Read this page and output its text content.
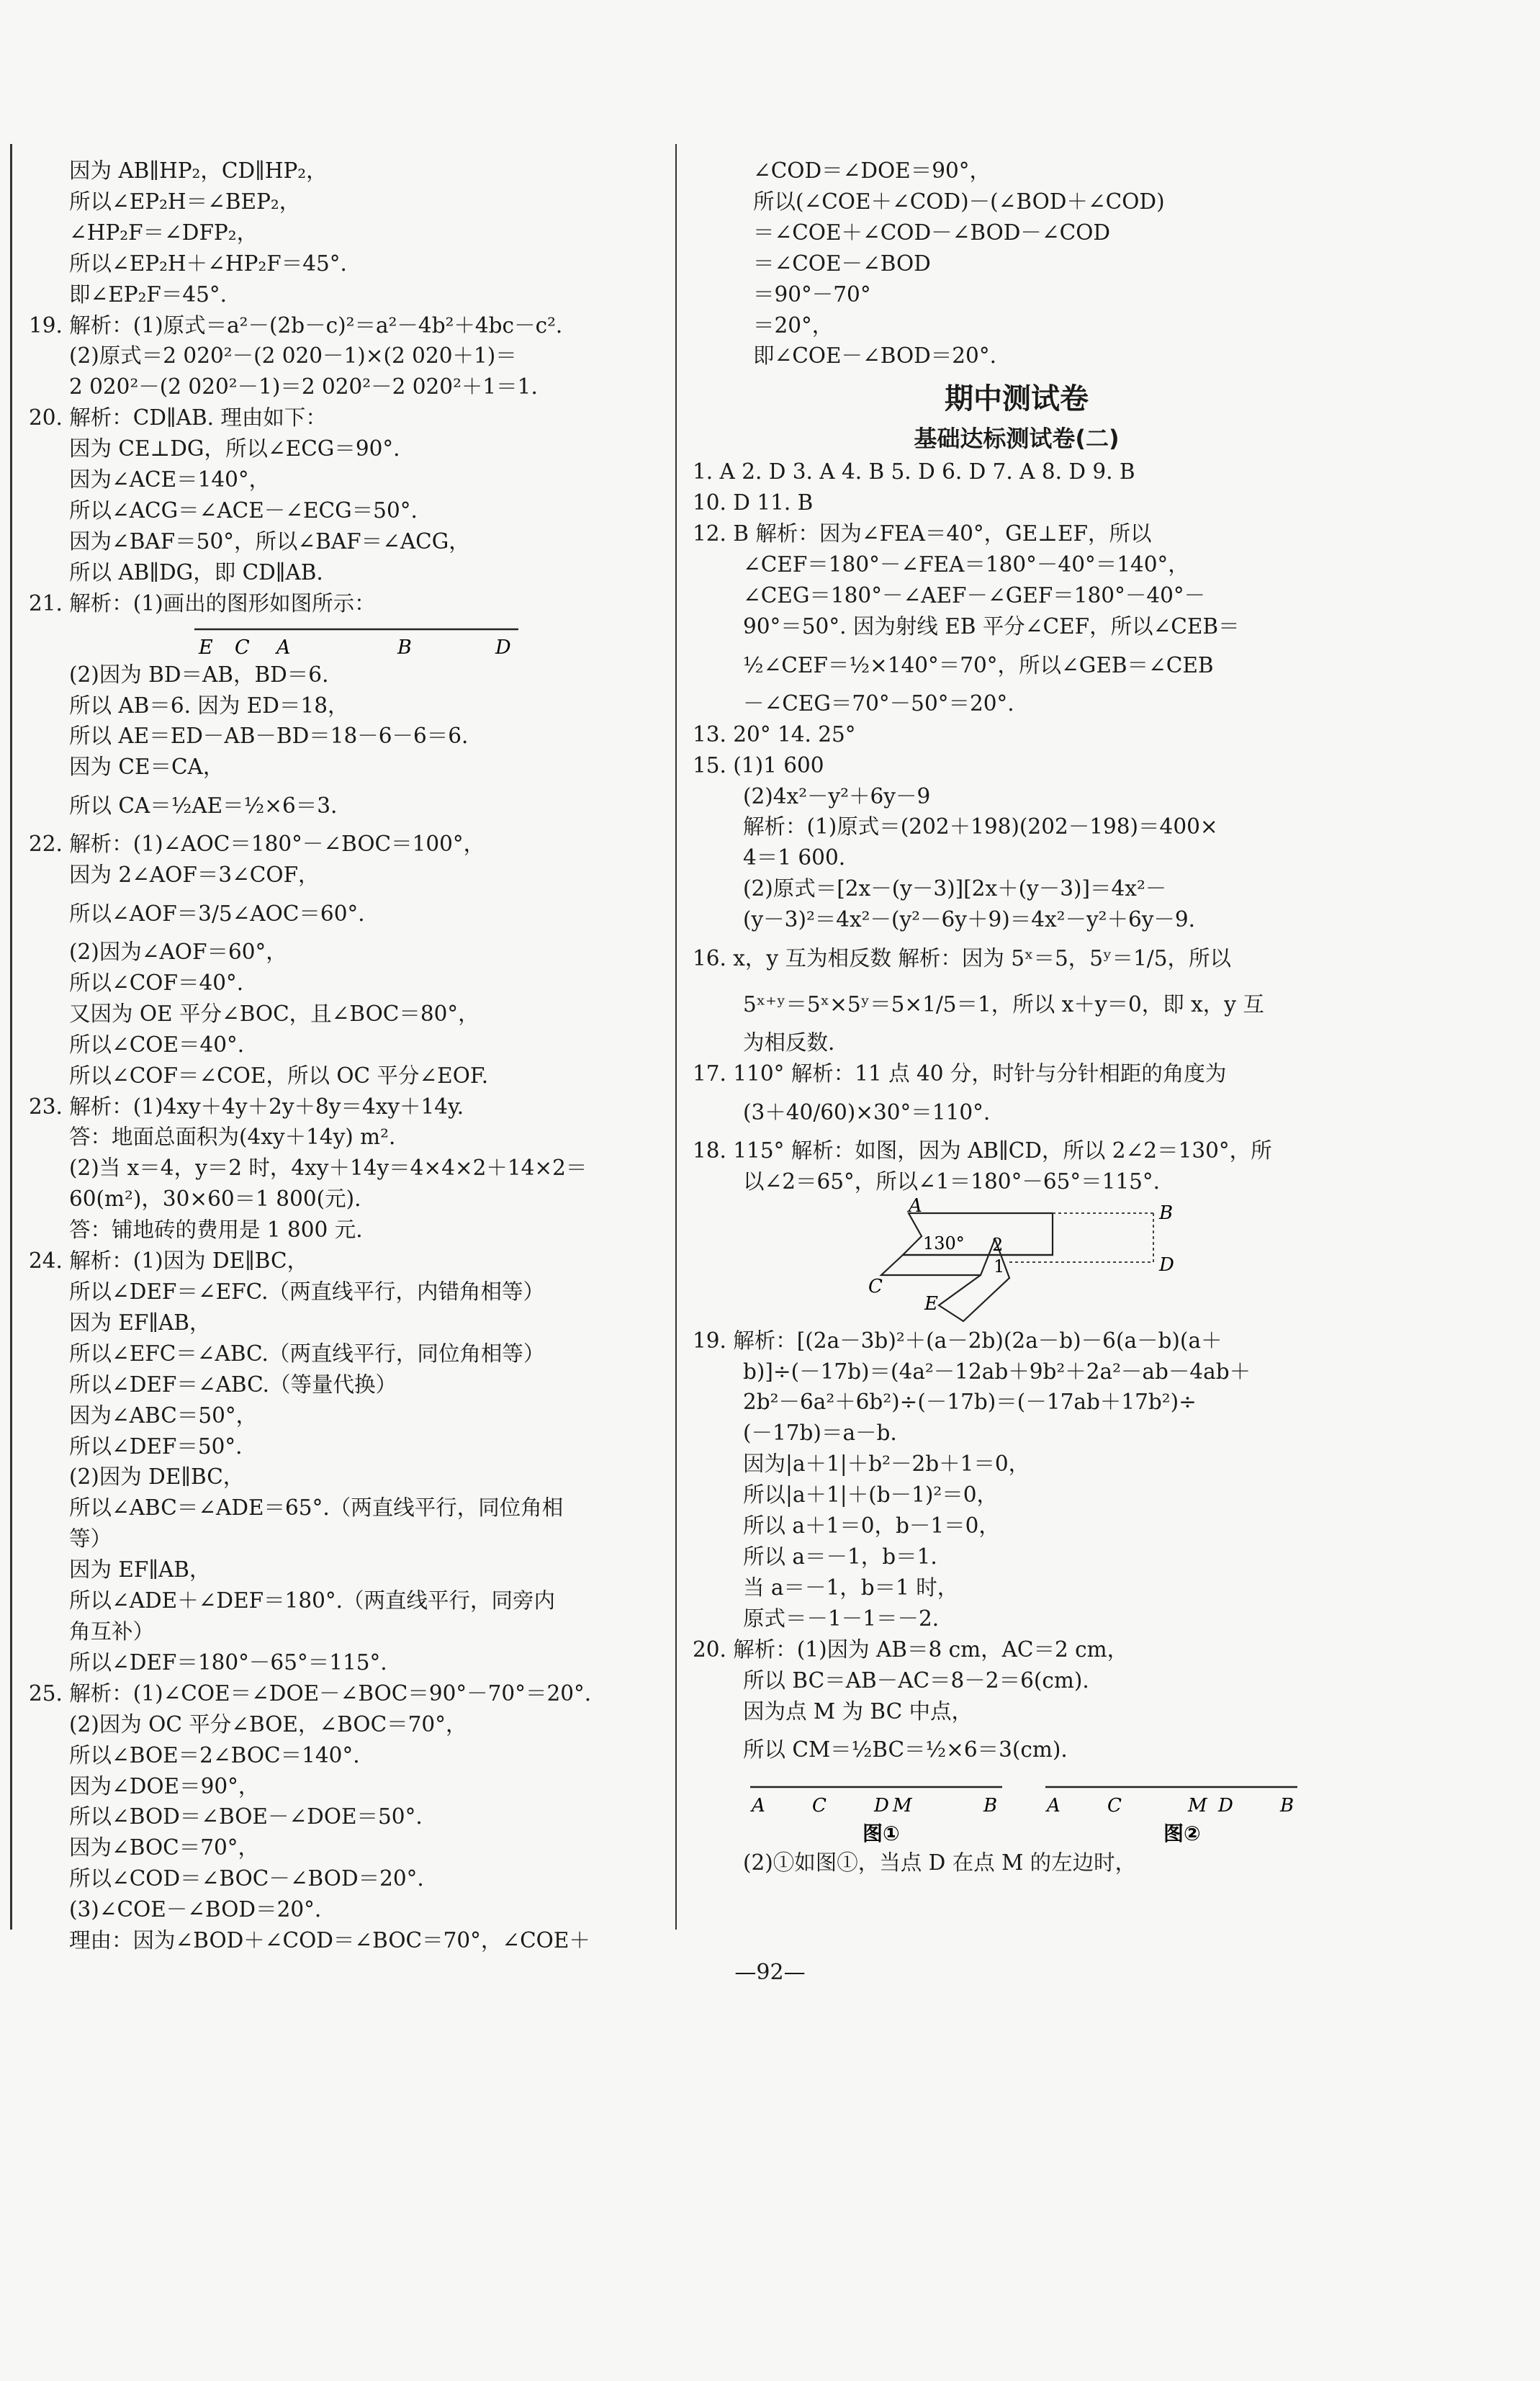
因为 AB∥HP₂，CD∥HP₂，
所以∠EP₂H＝∠BEP₂，
∠HP₂F＝∠DFP₂，
所以∠EP₂H＋∠HP₂F＝45°.
即∠EP₂F＝45°.
19. 解析：(1)原式＝a²－(2b－c)²＝a²－4b²＋4bc－c².
(2)原式＝2 020²－(2 020－1)×(2 020＋1)＝
2 020²－(2 020²－1)＝2 020²－2 020²＋1＝1.
20. 解析：CD∥AB. 理由如下：
因为 CE⊥DG，所以∠ECG＝90°.
因为∠ACE＝140°，
所以∠ACG＝∠ACE－∠ECG＝50°.
因为∠BAF＝50°，所以∠BAF＝∠ACG，
所以 AB∥DG，即 CD∥AB.
21. 解析：(1)画出的图形如图所示：
E C A	B	D
(2)因为 BD＝AB，BD＝6.
所以 AB＝6. 因为 ED＝18，
所以 AE＝ED－AB－BD＝18－6－6＝6.
因为 CE＝CA，
所以 CA＝½AE＝½×6＝3.
22. 解析：(1)∠AOC＝180°－∠BOC＝100°，
因为 2∠AOF＝3∠COF，
所以∠AOF＝3/5∠AOC＝60°.
(2)因为∠AOF＝60°，
所以∠COF＝40°.
又因为 OE 平分∠BOC，且∠BOC＝80°，
所以∠COE＝40°.
所以∠COF＝∠COE，所以 OC 平分∠EOF.
23. 解析：(1)4xy＋4y＋2y＋8y＝4xy＋14y.
答：地面总面积为(4xy＋14y) m².
(2)当 x＝4，y＝2 时，4xy＋14y＝4×4×2＋14×2＝
60(m²)，30×60＝1 800(元).
答：铺地砖的费用是 1 800 元.
24. 解析：(1)因为 DE∥BC，
所以∠DEF＝∠EFC.（两直线平行，内错角相等）
因为 EF∥AB，
所以∠EFC＝∠ABC.（两直线平行，同位角相等）
所以∠DEF＝∠ABC.（等量代换）
因为∠ABC＝50°，
所以∠DEF＝50°.
(2)因为 DE∥BC，
所以∠ABC＝∠ADE＝65°.（两直线平行，同位角相
等）
因为 EF∥AB，
所以∠ADE＋∠DEF＝180°.（两直线平行，同旁内
角互补）
所以∠DEF＝180°－65°＝115°.
25. 解析：(1)∠COE＝∠DOE－∠BOC＝90°－70°＝20°.
(2)因为 OC 平分∠BOE，∠BOC＝70°，
所以∠BOE＝2∠BOC＝140°.
因为∠DOE＝90°，
所以∠BOD＝∠BOE－∠DOE＝50°.
因为∠BOC＝70°，
所以∠COD＝∠BOC－∠BOD＝20°.
(3)∠COE－∠BOD＝20°.
理由：因为∠BOD＋∠COD＝∠BOC＝70°，∠COE＋
∠COD＝∠DOE＝90°，
所以(∠COE＋∠COD)－(∠BOD＋∠COD)
＝∠COE＋∠COD－∠BOD－∠COD
＝∠COE－∠BOD
＝90°－70°
＝20°，
即∠COE－∠BOD＝20°.
期中测试卷
基础达标测试卷(二)
1. A 2. D 3. A 4. B 5. D 6. D 7. A 8. D 9. B
10. D 11. B
12. B 解析：因为∠FEA＝40°，GE⊥EF，所以
∠CEF＝180°－∠FEA＝180°－40°＝140°，
∠CEG＝180°－∠AEF－∠GEF＝180°－40°－
90°＝50°. 因为射线 EB 平分∠CEF，所以∠CEB＝
½∠CEF＝½×140°＝70°，所以∠GEB＝∠CEB
－∠CEG＝70°－50°＝20°.
13. 20° 14. 25°
15. (1)1 600
(2)4x²－y²＋6y－9
解析：(1)原式＝(202＋198)(202－198)＝400×
4＝1 600.
(2)原式＝[2x－(y－3)][2x＋(y－3)]＝4x²－
(y－3)²＝4x²－(y²－6y＋9)＝4x²－y²＋6y－9.
16. x，y 互为相反数 解析：因为 5ˣ＝5，5ʸ＝1/5，所以
5ˣ⁺ʸ＝5ˣ×5ʸ＝5×1/5＝1，所以 x＋y＝0，即 x，y 互
为相反数.
17. 110° 解析：11 点 40 分，时针与分针相距的角度为
(3＋40/60)×30°＝110°.
18. 115° 解析：如图，因为 AB∥CD，所以 2∠2＝130°，所
以∠2＝65°，所以∠1＝180°－65°＝115°.
A	B
C
D
E
130° 2
1
19. 解析：[(2a－3b)²＋(a－2b)(2a－b)－6(a－b)(a＋
b)]÷(－17b)＝(4a²－12ab＋9b²＋2a²－ab－4ab＋
2b²－6a²＋6b²)÷(－17b)＝(－17ab＋17b²)÷
(－17b)＝a－b.
因为|a＋1|＋b²－2b＋1＝0，
所以|a＋1|＋(b－1)²＝0，
所以 a＋1＝0，b－1＝0，
所以 a＝－1，b＝1.
当 a＝－1，b＝1 时，
原式＝－1－1＝－2.
20. 解析：(1)因为 AB＝8 cm，AC＝2 cm，
所以 BC＝AB－AC＝8－2＝6(cm).
因为点 M 为 BC 中点，
所以 CM＝½BC＝½×6＝3(cm).
A	C	D M	B
图①
A	C	M D	B
图②
(2)①如图①，当点 D 在点 M 的左边时，
—92—
